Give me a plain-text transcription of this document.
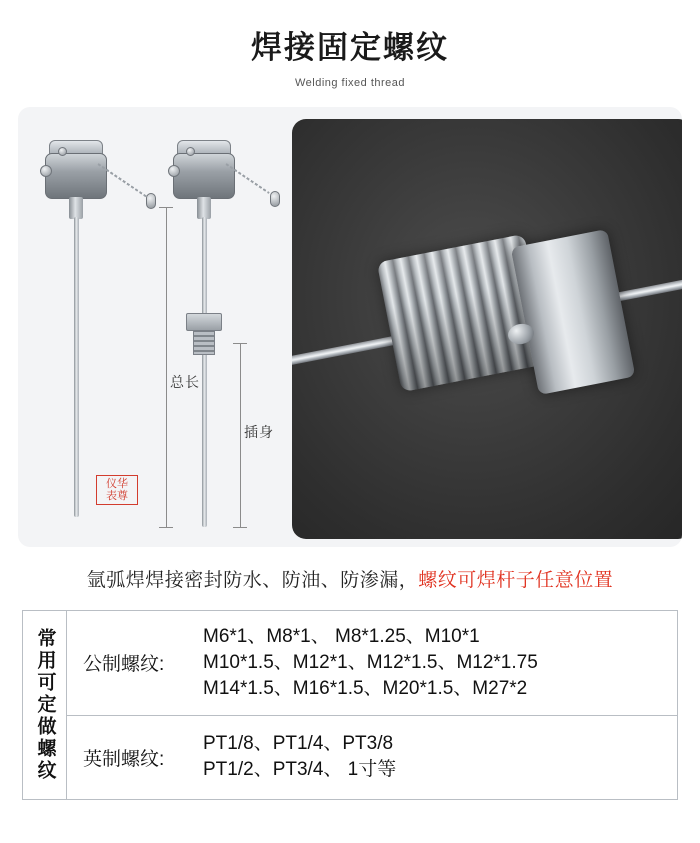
焊接固定螺纹
Welding fixed thread
总长
插身
仪华
表尊
氩弧焊焊接密封防水、防油、防渗漏，螺纹可焊杆子任意位置
常用可定做螺纹	公制螺纹:
M6*1、M8*1、 M8*1.25、M10*1
M10*1.5、M12*1、M12*1.5、M12*1.75
M14*1.5、M16*1.5、M20*1.5、M27*2
英制螺纹:
PT1/8、PT1/4、PT3/8
PT1/2、PT3/4、 1寸等
